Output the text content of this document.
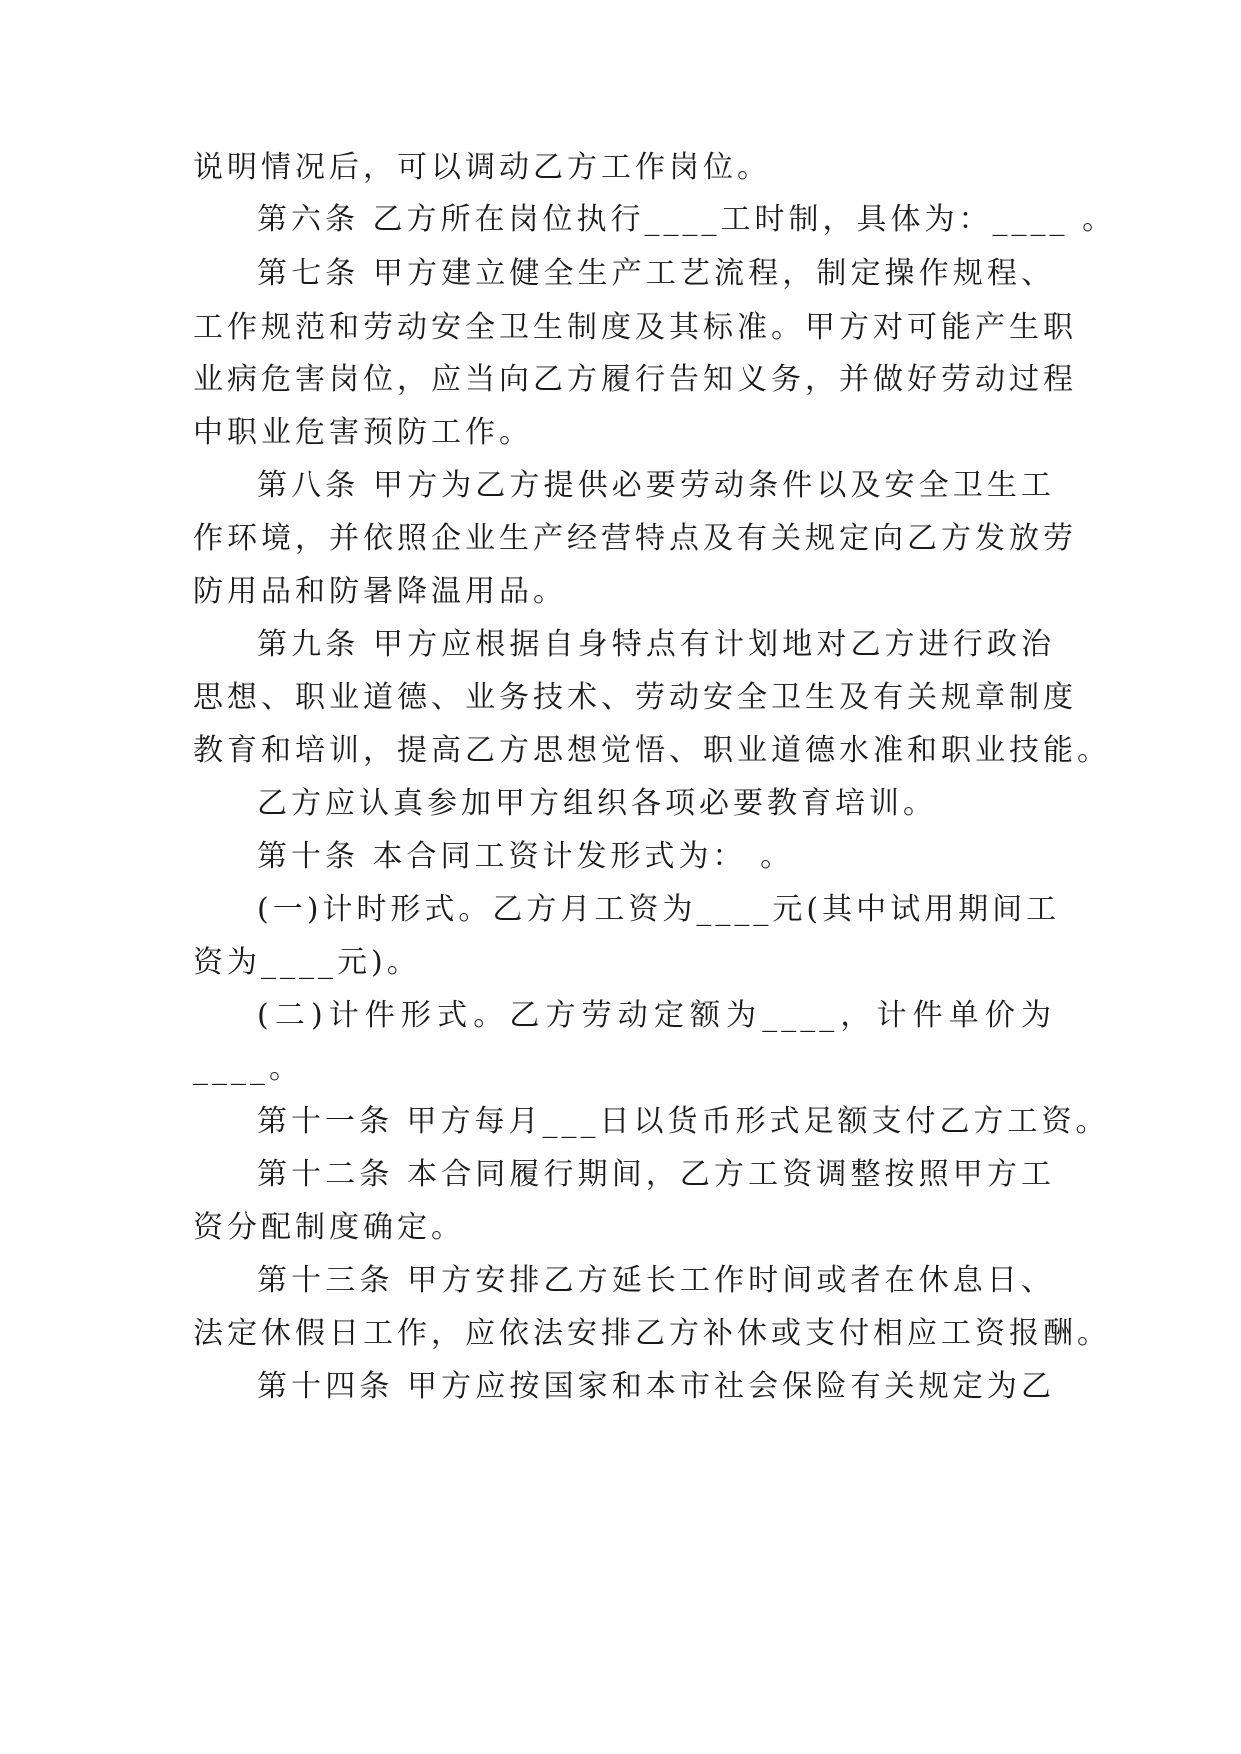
说明情况后，可以调动乙方工作岗位。
第六条 乙方所在岗位执行____工时制，具体为：____ 。
第七条 甲方建立健全生产工艺流程，制定操作规程、
工作规范和劳动安全卫生制度及其标准。甲方对可能产生职
业病危害岗位，应当向乙方履行告知义务，并做好劳动过程
中职业危害预防工作。
第八条 甲方为乙方提供必要劳动条件以及安全卫生工
作环境，并依照企业生产经营特点及有关规定向乙方发放劳
防用品和防暑降温用品。
第九条 甲方应根据自身特点有计划地对乙方进行政治
思想、职业道德、业务技术、劳动安全卫生及有关规章制度
教育和培训，提高乙方思想觉悟、职业道德水准和职业技能。
乙方应认真参加甲方组织各项必要教育培训。
第十条 本合同工资计发形式为： 。
(一)计时形式。乙方月工资为____元(其中试用期间工
资为____元)。
(二)计件形式。乙方劳动定额为____，计件单价为
____。
第十一条 甲方每月___日以货币形式足额支付乙方工资。
第十二条 本合同履行期间，乙方工资调整按照甲方工
资分配制度确定。
第十三条 甲方安排乙方延长工作时间或者在休息日、
法定休假日工作，应依法安排乙方补休或支付相应工资报酬。
第十四条 甲方应按国家和本市社会保险有关规定为乙
